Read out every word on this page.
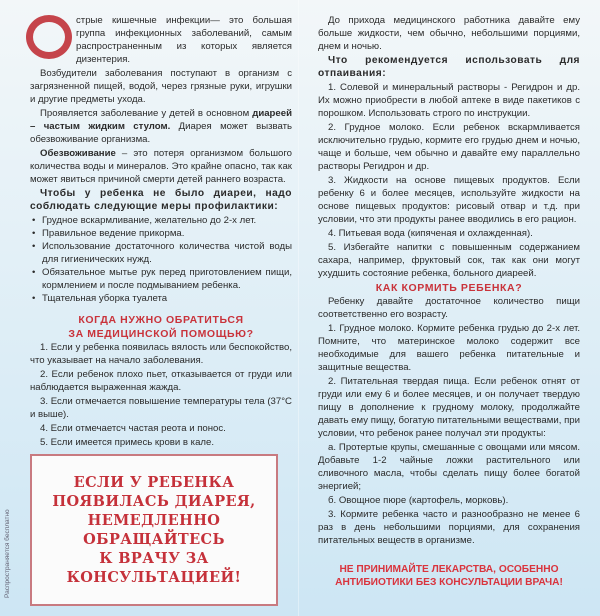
стрые кишечные инфекции— это большая группа инфекционных заболеваний, самым распространенным из которых является дизентерия.

Возбудители заболевания поступают в организм с загрязненной пищей, водой, через грязные руки, игрушки и другие предметы ухода.

Проявляется заболевание у детей в основном диареей – частым жидким стулом. Диарея может вызвать обезвоживание организма.

Обезвоживание – это потеря организмом большого количества воды и минералов. Это крайне опасно, так как может явиться причиной смерти детей раннего возраста.

Чтобы у ребенка не было диареи, надо соблюдать следующие меры профилактики:

• Грудное вскармливание, желательно до 2-х лет.
• Правильное ведение прикорма.
• Использование достаточного количества чистой воды для гигиенических нужд.
• Обязательное мытье рук перед приготовлением пищи, кормлением и после подмыванием ребенка.
• Тщательная уборка туалета
КОГДА НУЖНО ОБРАТИТЬСЯ
ЗА МЕДИЦИНСКОЙ ПОМОЩЬЮ?

1. Если у ребенка появилась вялость или беспокойство, что указывает на начало заболевания.

2. Если ребенок плохо пьет, отказывается от груди или наблюдается выраженная жажда.

3. Если отмечается повышение температуры тела (37°С и выше).

4. Если отмечаетсч частая реота и понос.

5. Если имеется примесь крови в кале.

ЕСЛИ У РЕБЕНКА
ПОЯВИЛАСЬ ДИАРЕЯ,
НЕМЕДЛЕННО
ОБРАЩАЙТЕСЬ
К ВРАЧУ ЗА
КОНСУЛЬТАЦИЕЙ!
Распространяется бесплатно

До прихода медицинского работника давайте ему больше жидкости, чем обычно, небольшими порциями, днем и ночью.

Что рекомендуется использовать для отпаивания:

1. Солевой и минеральный растворы - Регидрон и др. Их можно приобрести в любой аптеке в виде пакетиков с порошком. Использовать строго по инструкции.

2. Грудное молоко. Если ребенок вскармливается исключительно грудью, кормите его грудью днем и ночью, чаще и больше, чем обычно и давайте ему параллельно растворы Регидрон и др.

3. Жидкости на основе пищевых продуктов. Если ребенку 6 и более месяцев, используйте жидкости на основе пищевых продуктов: рисовый отвар и т.д. при условии, что эти продукты ранее вводились в его рацион.

4. Питьевая вода (кипяченая и охлажденная).

5. Избегайте напитки с повышенным содержанием сахара, например, фруктовый сок, так как они могут ухудшить состояние ребенка, больного диареей.

КАК КОРМИТЬ РЕБЕНКА?

Ребенку давайте достаточное количество пищи соответственно его возрасту.

1. Грудное молоко. Кормите ребенка грудью до 2-х лет. Помните, что материнское молоко содержит все необходимые для вашего ребенка питательные и защитные вещества.

2. Питательная твердая пища. Если ребенок отнят от груди или ему 6 и более месяцев, и он получает твердую пищу в дополнение к грудному молоку, продолжайте давать ему пищу, богатую питательными веществами, при условии, что ребенок ранее получал эти продукты:

а. Протертые крупы, смешанные с овощами или мясом. Добавьте 1-2 чайные ложки растительного или сливочного масла, чтобы сделать пищу более богатой энергией;

б. Овощное пюре (картофель, морковь).

3. Кормите ребенка часто и разнообразно не менее 6 раз в день небольшими порциями, для сохранения питательных веществ в организме.

НЕ ПРИНИМАЙТЕ ЛЕКАРСТВА, ОСОБЕННО
АНТИБИОТИКИ БЕЗ КОНСУЛЬТАЦИИ ВРАЧА!
